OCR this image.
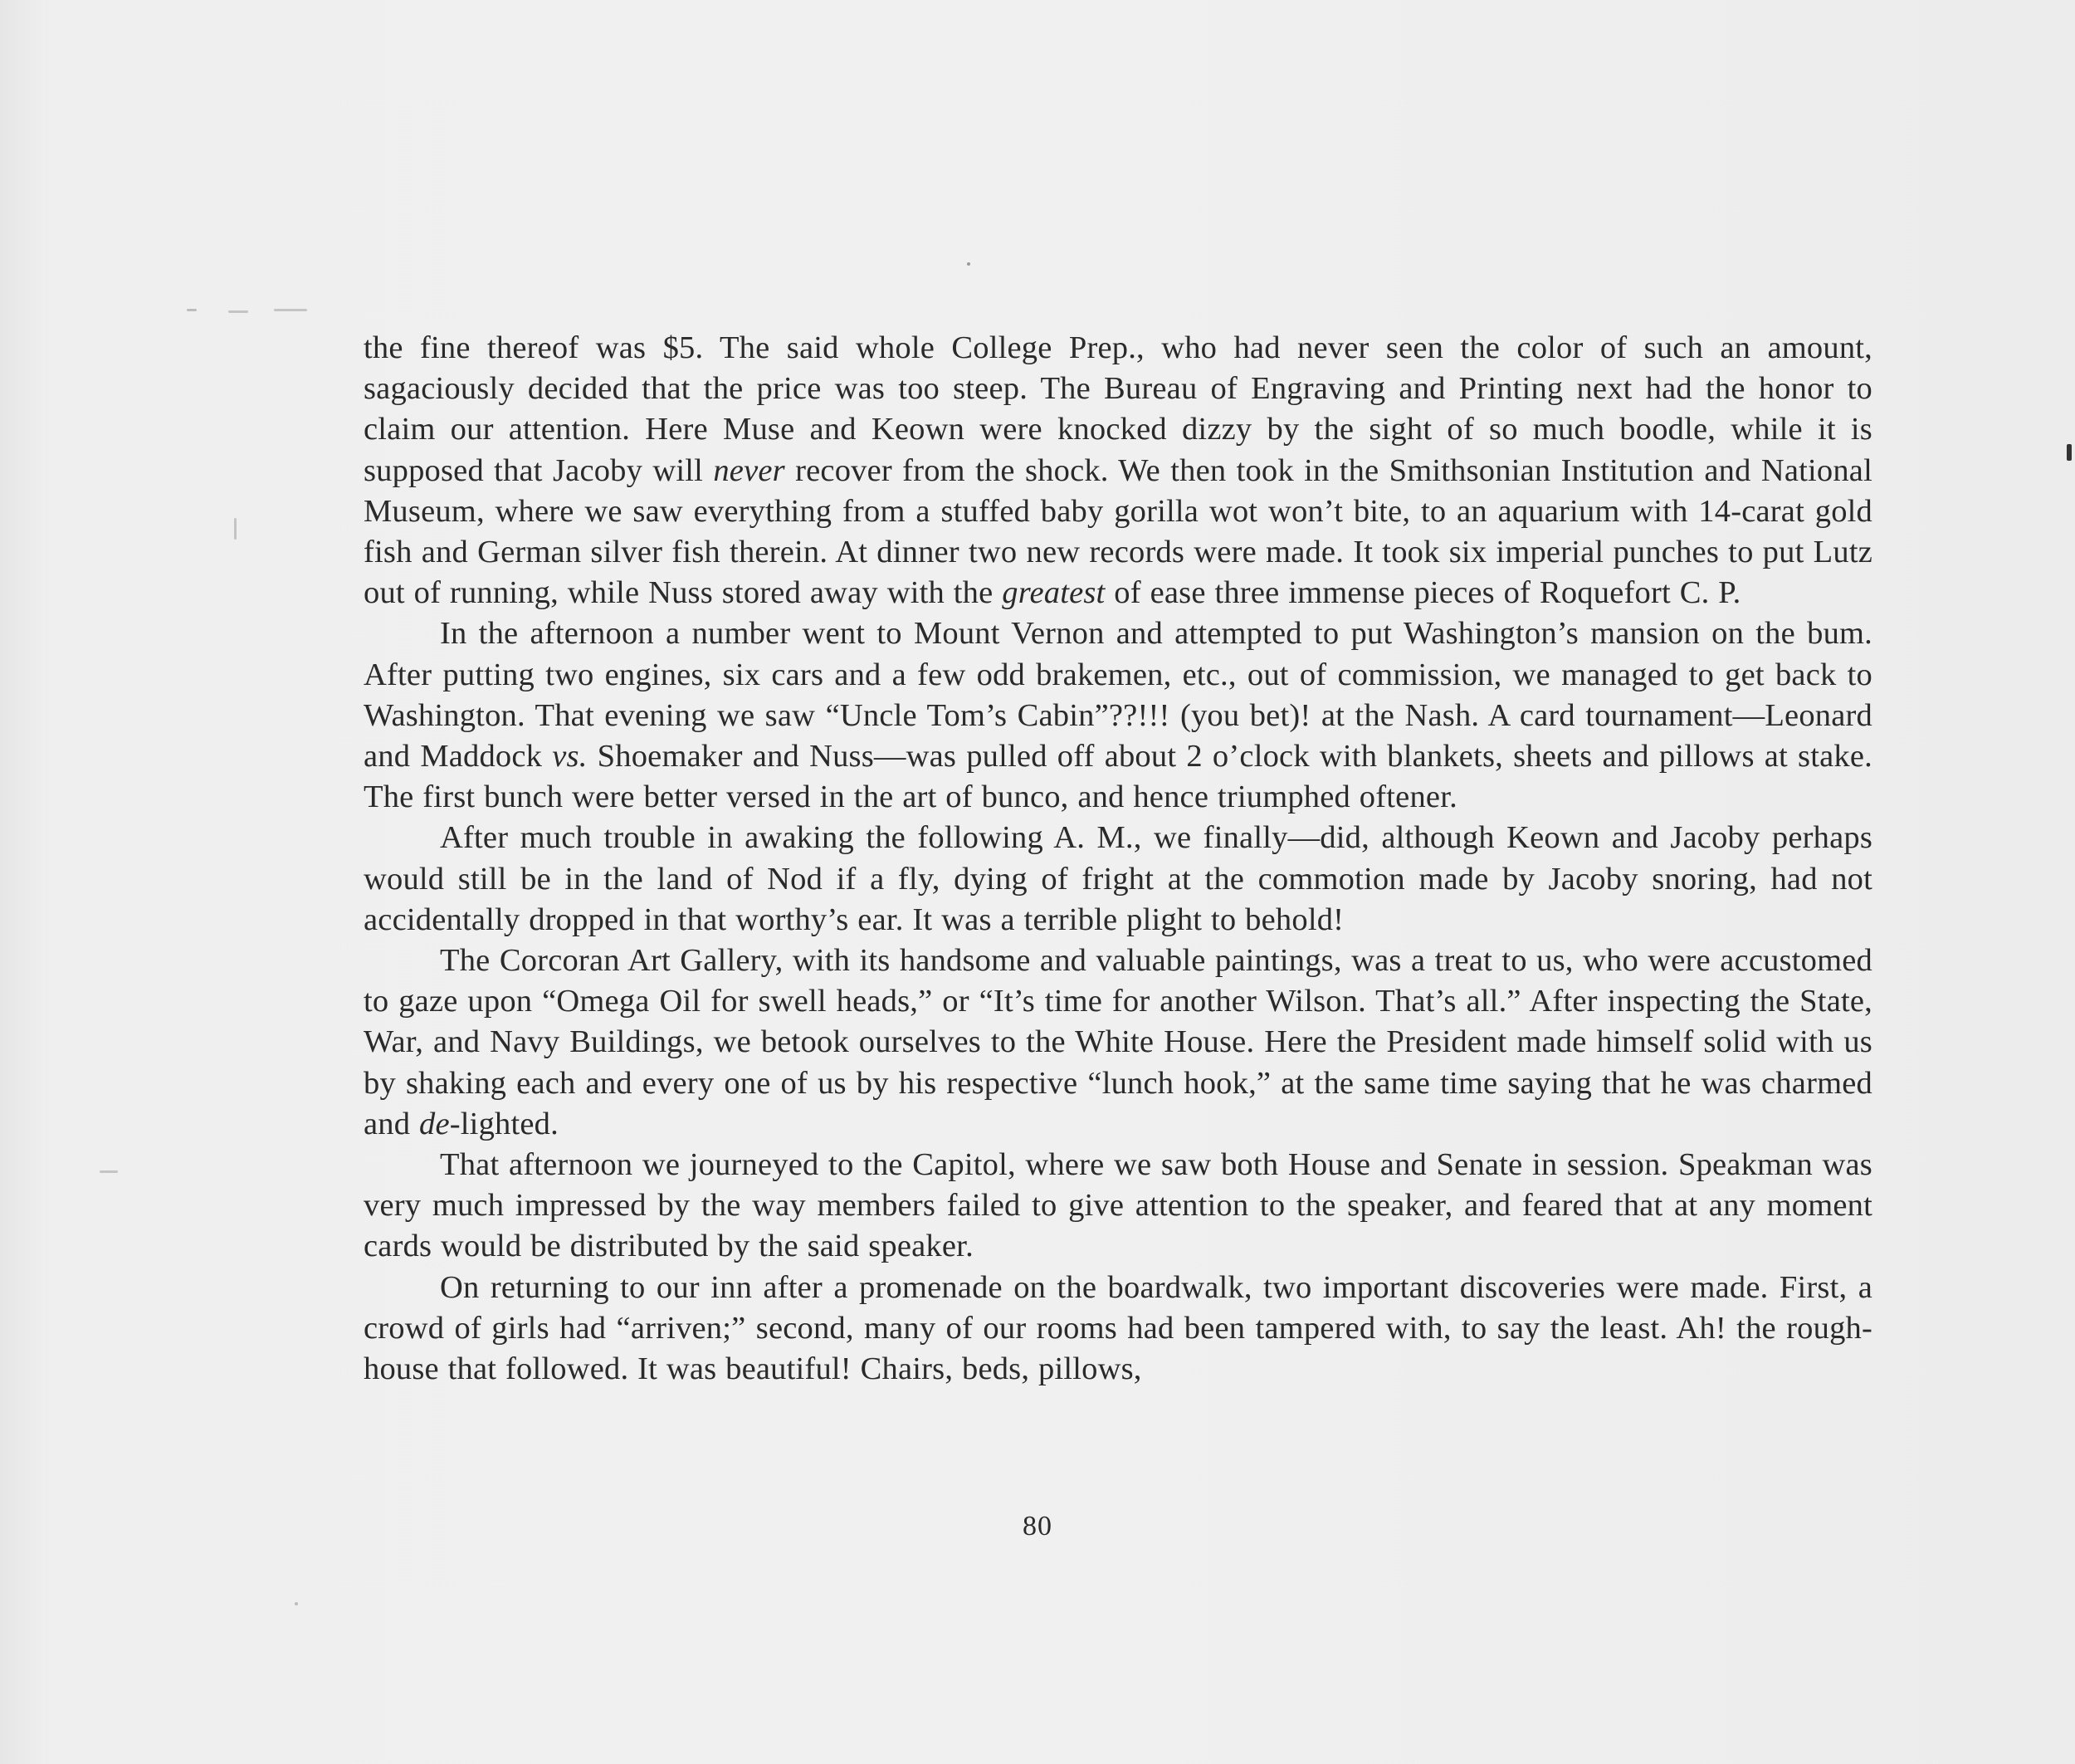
the fine thereof was $5. The said whole College Prep., who had never seen the color of such an amount, sagaciously decided that the price was too steep. The Bureau of Engraving and Printing next had the honor to claim our attention. Here Muse and Keown were knocked dizzy by the sight of so much boodle, while it is supposed that Jacoby will never recover from the shock. We then took in the Smithsonian Institution and National Museum, where we saw everything from a stuffed baby gorilla wot won’t bite, to an aquarium with 14-carat gold fish and German silver fish therein. At dinner two new records were made. It took six imperial punches to put Lutz out of running, while Nuss stored away with the greatest of ease three immense pieces of Roquefort C. P.

In the afternoon a number went to Mount Vernon and attempted to put Washington’s mansion on the bum. After putting two engines, six cars and a few odd brakemen, etc., out of commission, we managed to get back to Washington. That evening we saw “Uncle Tom’s Cabin”??!!! (you bet)! at the Nash. A card tournament—Leonard and Maddock vs. Shoemaker and Nuss—was pulled off about 2 o’clock with blankets, sheets and pillows at stake. The first bunch were better versed in the art of bunco, and hence triumphed oftener.

After much trouble in awaking the following A. M., we finally—did, although Keown and Jacoby perhaps would still be in the land of Nod if a fly, dying of fright at the commotion made by Jacoby snoring, had not accidentally dropped in that worthy’s ear. It was a terrible plight to behold!

The Corcoran Art Gallery, with its handsome and valuable paintings, was a treat to us, who were accustomed to gaze upon “Omega Oil for swell heads,” or “It’s time for another Wilson. That’s all.” After inspecting the State, War, and Navy Buildings, we betook ourselves to the White House. Here the President made himself solid with us by shaking each and every one of us by his respective “lunch hook,” at the same time saying that he was charmed and de-lighted.

That afternoon we journeyed to the Capitol, where we saw both House and Senate in session. Speakman was very much impressed by the way members failed to give attention to the speaker, and feared that at any moment cards would be distributed by the said speaker.

On returning to our inn after a promenade on the boardwalk, two important discoveries were made. First, a crowd of girls had “arriven;” second, many of our rooms had been tampered with, to say the least. Ah! the rough-house that followed. It was beautiful! Chairs, beds, pillows,

80
